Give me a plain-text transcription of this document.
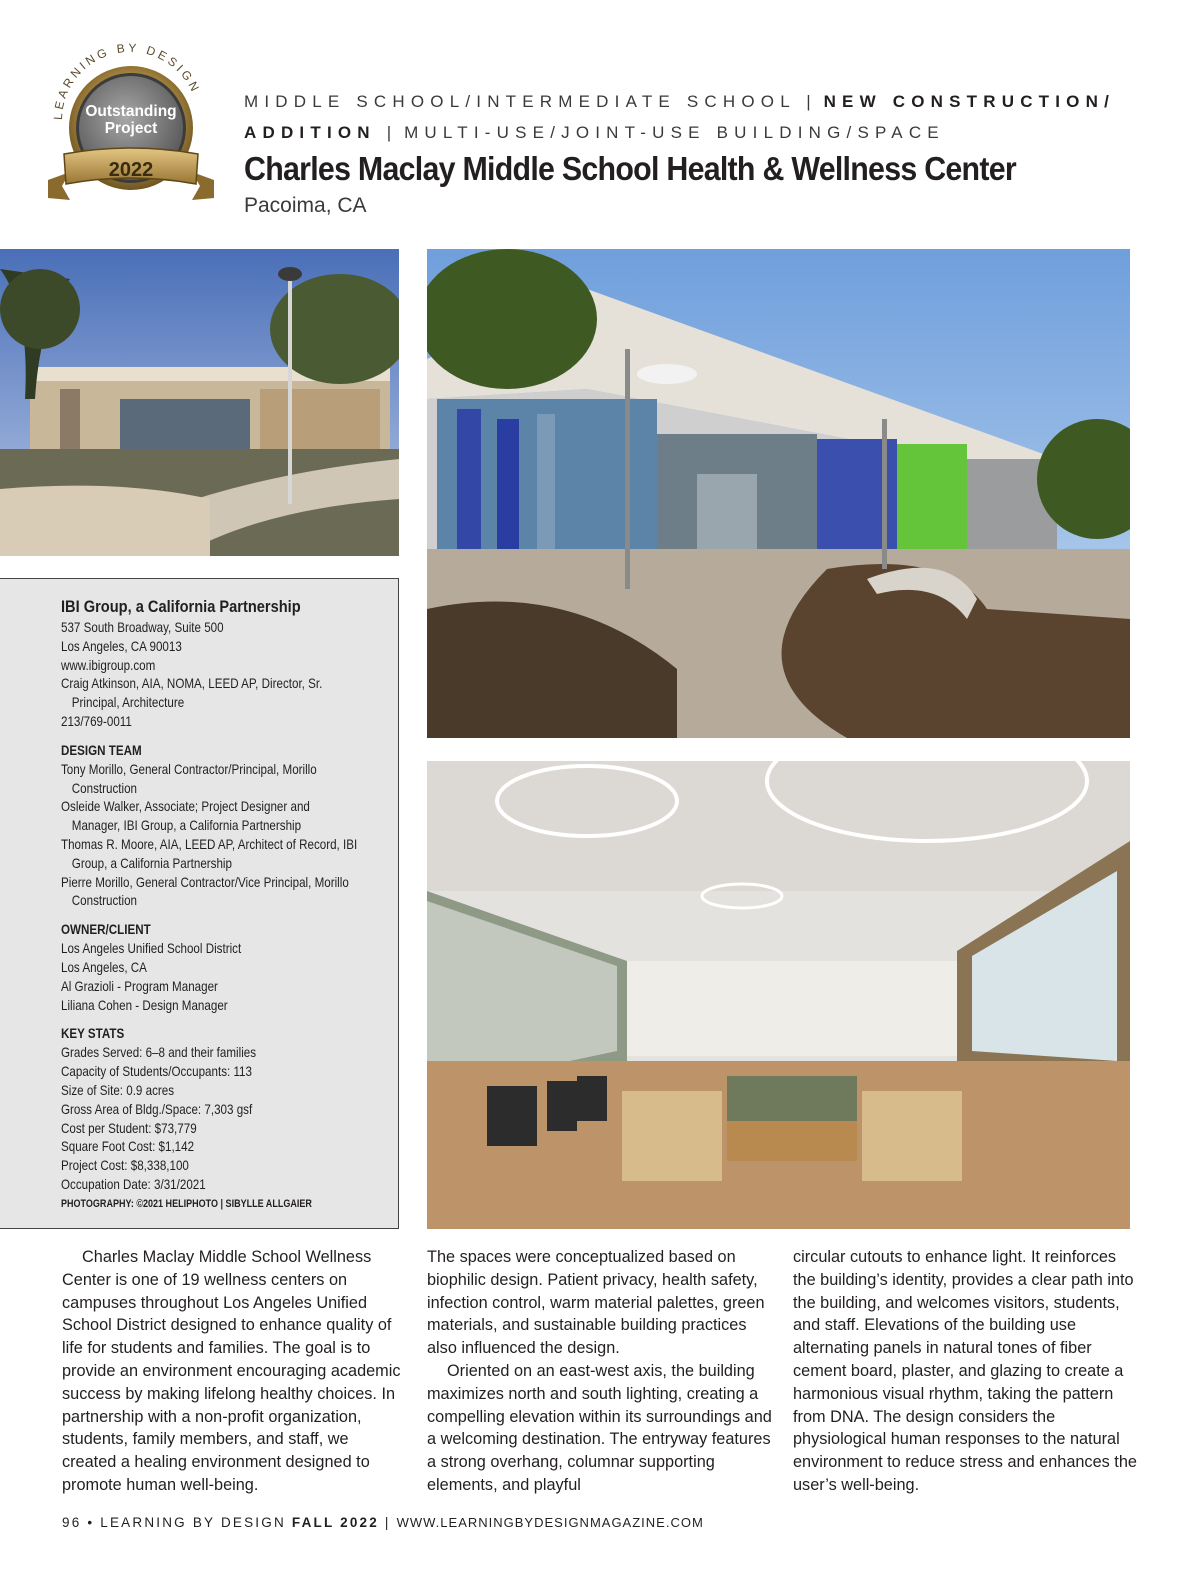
LEARNING BY DESIGN
Outstanding
Project
2022
MIDDLE SCHOOL/INTERMEDIATE SCHOOL | NEW CONSTRUCTION/
ADDITION | MULTI-USE/JOINT-USE BUILDING/SPACE
Charles Maclay Middle School Health & Wellness Center
Pacoima, CA
IBI Group, a California Partnership
537 South Broadway, Suite 500
Los Angeles, CA 90013
www.ibigroup.com
Craig Atkinson, AIA, NOMA, LEED AP, Director, Sr.
Principal, Architecture
213/769-0011
DESIGN TEAM
Tony Morillo, General Contractor/Principal, Morillo
Construction
Osleide Walker, Associate; Project Designer and
Manager, IBI Group, a California Partnership
Thomas R. Moore, AIA, LEED AP, Architect of Record, IBI
Group, a California Partnership
Pierre Morillo, General Contractor/Vice Principal, Morillo
Construction
OWNER/CLIENT
Los Angeles Unified School District
Los Angeles, CA
Al Grazioli - Program Manager
Liliana Cohen - Design Manager
KEY STATS
Grades Served: 6–8 and their families
Capacity of Students/Occupants: 113
Size of Site: 0.9 acres
Gross Area of Bldg./Space: 7,303 gsf
Cost per Student: $73,779
Square Foot Cost: $1,142
Project Cost: $8,338,100
Occupation Date: 3/31/2021
PHOTOGRAPHY: ©2021 HELIPHOTO | SIBYLLE ALLGAIER

Charles Maclay Middle School Wellness Center is one of 19 wellness centers on campuses throughout Los Angeles Unified School District designed to enhance quality of life for students and families. The goal is to provide an environment encouraging academic success by making lifelong healthy choices. In partnership with a non-profit organization, students, family members, and staff, we created a healing environment designed to promote human well-being.

The spaces were conceptualized based on biophilic design. Patient privacy, health safety, infection control, warm material palettes, green materials, and sustainable building practices also influenced the design.

Oriented on an east-west axis, the building maximizes north and south lighting, creating a compelling elevation within its surroundings and a welcoming destination. The entryway features a strong overhang, columnar supporting elements, and playful

circular cutouts to enhance light. It reinforces the building’s identity, provides a clear path into the building, and welcomes visitors, students, and staff. Elevations of the building use alternating panels in natural tones of fiber cement board, plaster, and glazing to create a harmonious visual rhythm, taking the pattern from DNA. The design considers the physiological human responses to the natural environment to reduce stress and enhances the user’s well-being.

96 • LEARNING BY DESIGN FALL 2022 | WWW.LEARNINGBYDESIGNMAGAZINE.COM
